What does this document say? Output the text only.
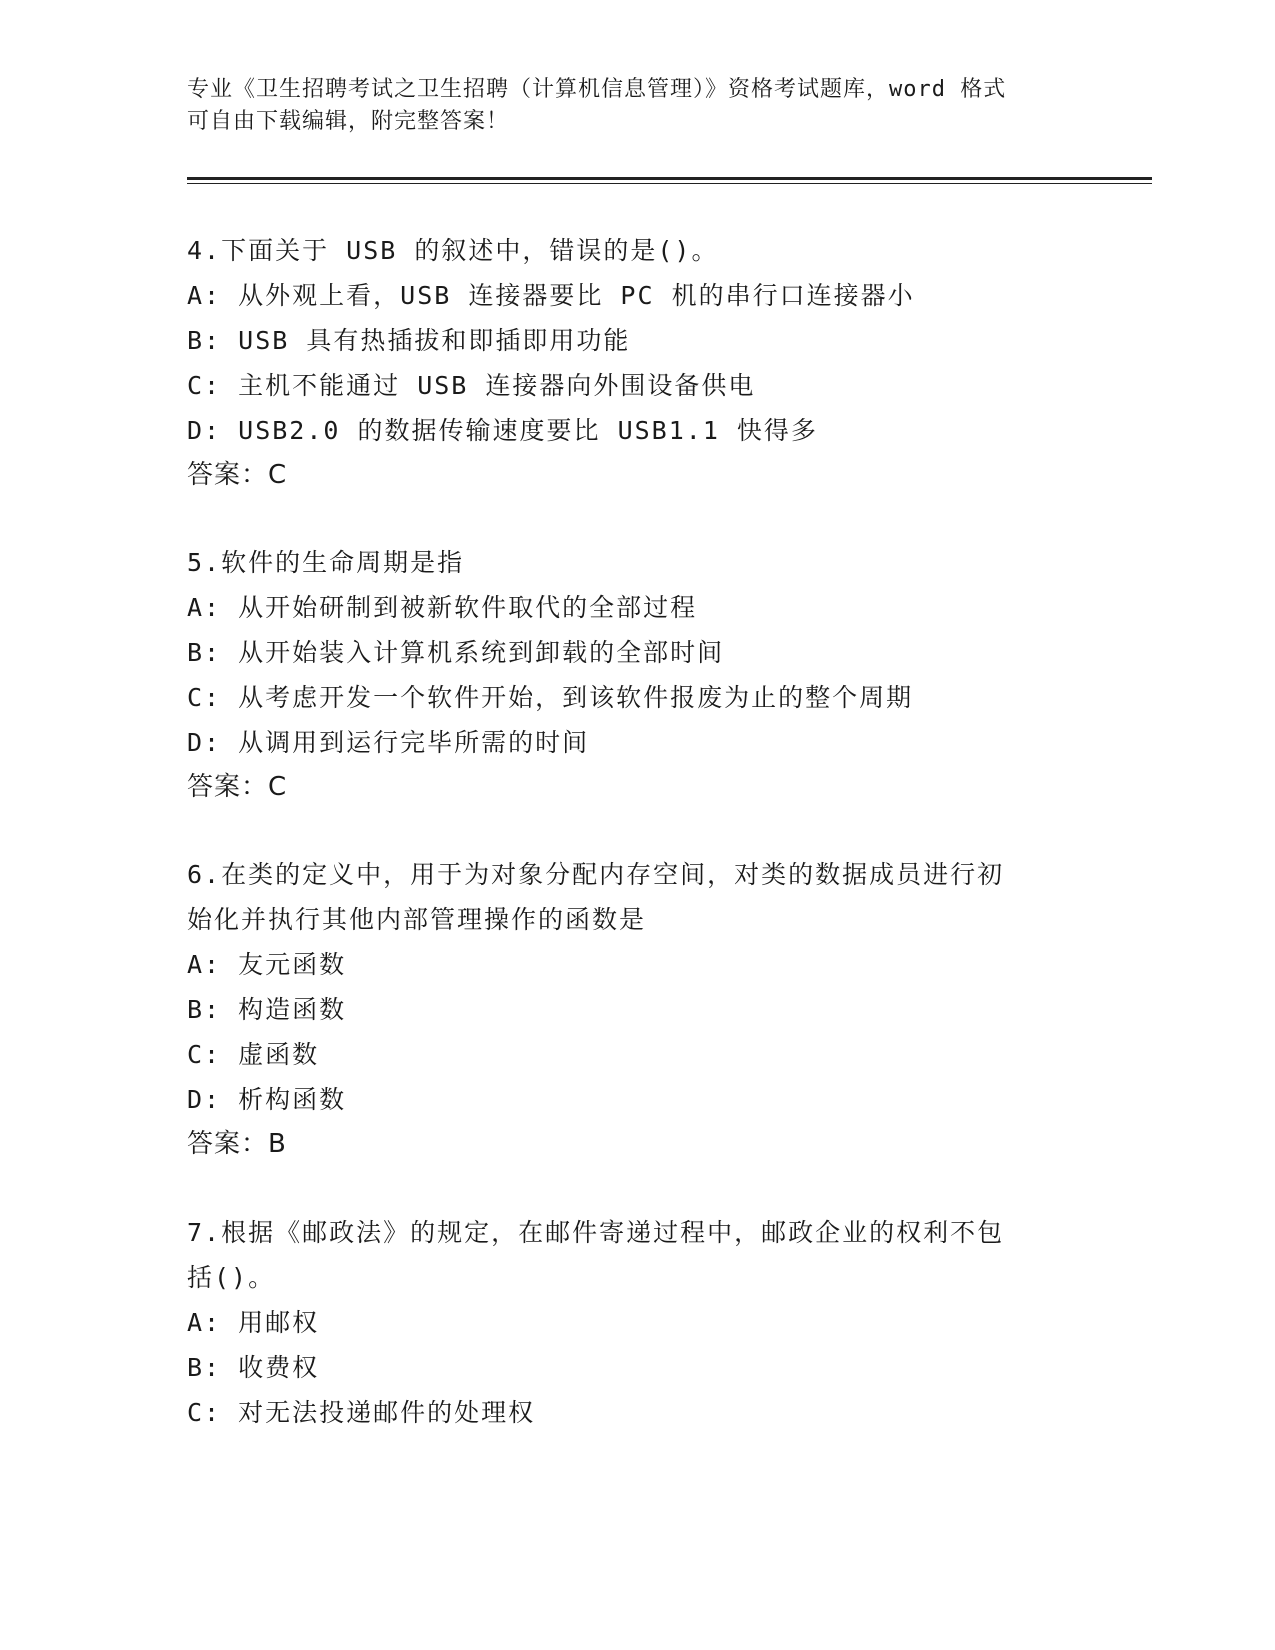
专业《卫生招聘考试之卫生招聘（计算机信息管理）》资格考试题库，word 格式
可自由下载编辑，附完整答案！
4.下面关于 USB 的叙述中，错误的是()。
A: 从外观上看，USB 连接器要比 PC 机的串行口连接器小
B: USB 具有热插拔和即插即用功能
C: 主机不能通过 USB 连接器向外围设备供电
D: USB2.0 的数据传输速度要比 USB1.1 快得多
答案：C
5.软件的生命周期是指
A: 从开始研制到被新软件取代的全部过程
B: 从开始装入计算机系统到卸载的全部时间
C: 从考虑开发一个软件开始，到该软件报废为止的整个周期
D: 从调用到运行完毕所需的时间
答案：C
6.在类的定义中，用于为对象分配内存空间，对类的数据成员进行初
始化并执行其他内部管理操作的函数是
A: 友元函数
B: 构造函数
C: 虚函数
D: 析构函数
答案：B
7.根据《邮政法》的规定，在邮件寄递过程中，邮政企业的权利不包
括()。
A: 用邮权
B: 收费权
C: 对无法投递邮件的处理权
